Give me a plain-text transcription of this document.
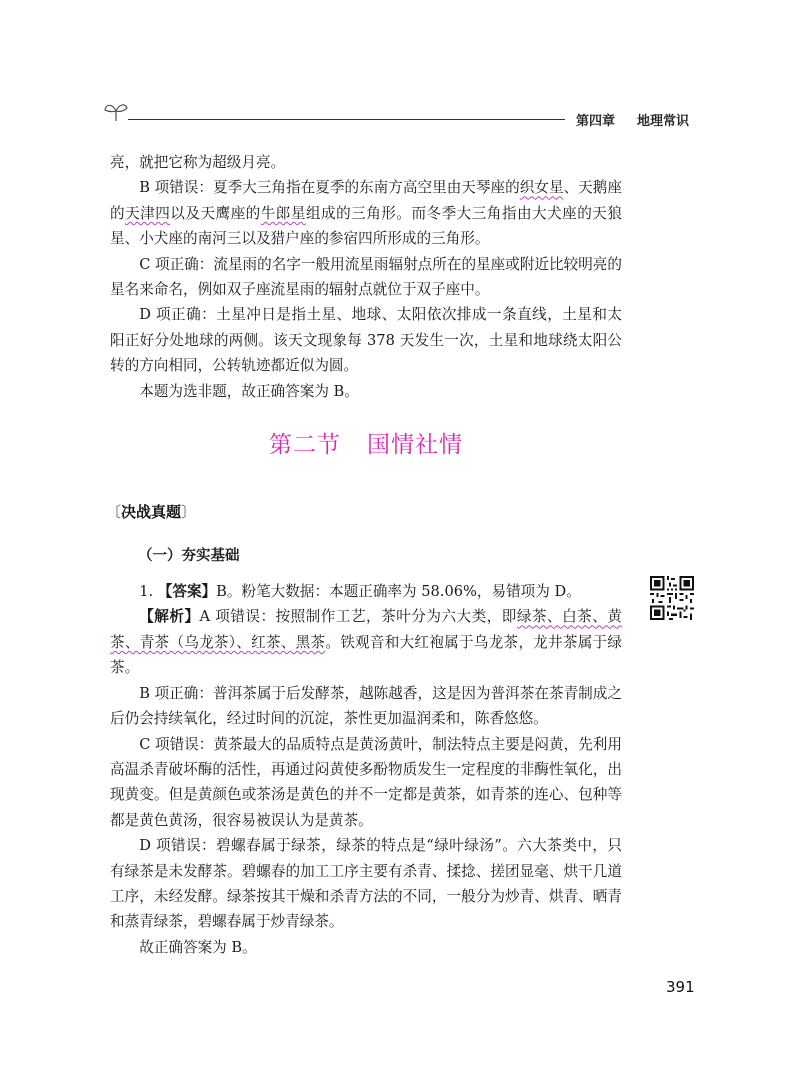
第四章 地理常识

亮，就把它称为超级月亮。

B 项错误：夏季大三角指在夏季的东南方高空里由天琴座的织女星、天鹅座的天津四以及天鹰座的牛郎星组成的三角形。而冬季大三角指由大犬座的天狼星、小犬座的南河三以及猎户座的参宿四所形成的三角形。

C 项正确：流星雨的名字一般用流星雨辐射点所在的星座或附近比较明亮的星名来命名，例如双子座流星雨的辐射点就位于双子座中。

D 项正确：土星冲日是指土星、地球、太阳依次排成一条直线，土星和太阳正好分处地球的两侧。该天文现象每 378 天发生一次，土星和地球绕太阳公转的方向相同，公转轨迹都近似为圆。

本题为选非题，故正确答案为 B。

第二节 国情社情
〔决战真题〕
（一）夯实基础

1. 【答案】B。粉笔大数据：本题正确率为 58.06%，易错项为 D。

【解析】A 项错误：按照制作工艺，茶叶分为六大类，即绿茶、白茶、黄茶、青茶（乌龙茶）、红茶、黑茶。铁观音和大红袍属于乌龙茶，龙井茶属于绿茶。

B 项正确：普洱茶属于后发酵茶，越陈越香，这是因为普洱茶在茶青制成之后仍会持续氧化，经过时间的沉淀，茶性更加温润柔和，陈香悠悠。

C 项错误：黄茶最大的品质特点是黄汤黄叶，制法特点主要是闷黄，先利用高温杀青破坏酶的活性，再通过闷黄使多酚物质发生一定程度的非酶性氧化，出现黄变。但是黄颜色或茶汤是黄色的并不一定都是黄茶，如青茶的连心、包种等都是黄色黄汤，很容易被误认为是黄茶。

D 项错误：碧螺春属于绿茶，绿茶的特点是“绿叶绿汤”。六大茶类中，只有绿茶是未发酵茶。碧螺春的加工工序主要有杀青、揉捻、搓团显毫、烘干几道工序，未经发酵。绿茶按其干燥和杀青方法的不同，一般分为炒青、烘青、晒青和蒸青绿茶，碧螺春属于炒青绿茶。

故正确答案为 B。

391
